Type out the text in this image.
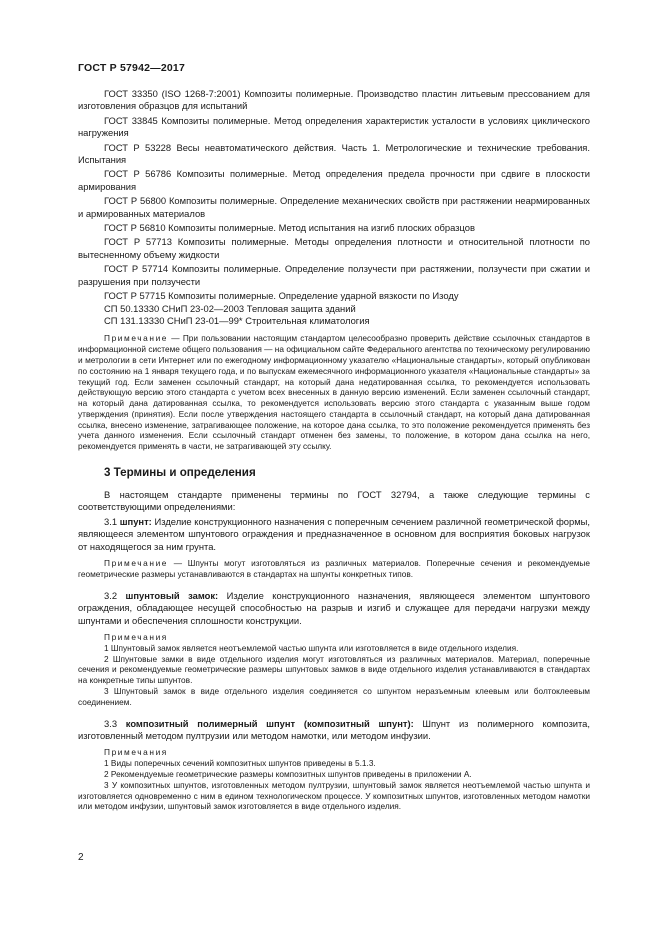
ГОСТ Р 57942—2017

ГОСТ 33350 (ISO 1268-7:2001) Композиты полимерные. Производство пластин литьевым прессованием для изготовления образцов для испытаний

ГОСТ 33845 Композиты полимерные. Метод определения характеристик усталости в условиях циклического нагружения

ГОСТ Р 53228 Весы неавтоматического действия. Часть 1. Метрологические и технические требования. Испытания

ГОСТ Р 56786 Композиты полимерные. Метод определения предела прочности при сдвиге в плоскости армирования

ГОСТ Р 56800 Композиты полимерные. Определение механических свойств при растяжении неармированных и армированных материалов

ГОСТ Р 56810 Композиты полимерные. Метод испытания на изгиб плоских образцов

ГОСТ Р 57713 Композиты полимерные. Методы определения плотности и относительной плотности по вытесненному объему жидкости

ГОСТ Р 57714 Композиты полимерные. Определение ползучести при растяжении, ползучести при сжатии и разрушения при ползучести

ГОСТ Р 57715 Композиты полимерные. Определение ударной вязкости по Изоду

СП 50.13330 СНиП 23-02—2003 Тепловая защита зданий

СП 131.13330 СНиП 23-01—99* Строительная климатология

Примечание — При пользовании настоящим стандартом целесообразно проверить действие ссылочных стандартов в информационной системе общего пользования — на официальном сайте Федерального агентства по техническому регулированию и метрологии в сети Интернет или по ежегодному информационному указателю «Национальные стандарты», который опубликован по состоянию на 1 января текущего года, и по выпускам ежемесячного информационного указателя «Национальные стандарты» за текущий год. Если заменен ссылочный стандарт, на который дана недатированная ссылка, то рекомендуется использовать действующую версию этого стандарта с учетом всех внесенных в данную версию изменений. Если заменен ссылочный стандарт, на который дана датированная ссылка, то рекомендуется использовать версию этого стандарта с указанным выше годом утверждения (принятия). Если после утверждения настоящего стандарта в ссылочный стандарт, на который дана датированная ссылка, внесено изменение, затрагивающее положение, на которое дана ссылка, то это положение рекомендуется применять без учета данного изменения. Если ссылочный стандарт отменен без замены, то положение, в котором дана ссылка на него, рекомендуется применять в части, не затрагивающей эту ссылку.

3 Термины и определения

В настоящем стандарте применены термины по ГОСТ 32794, а также следующие термины с соответствующими определениями:

3.1 шпунт: Изделие конструкционного назначения с поперечным сечением различной геометрической формы, являющееся элементом шпунтового ограждения и предназначенное в основном для восприятия боковых нагрузок от находящегося за ним грунта.

Примечание — Шпунты могут изготовляться из различных материалов. Поперечные сечения и рекомендуемые геометрические размеры устанавливаются в стандартах на шпунты конкретных типов.

3.2 шпунтовый замок: Изделие конструкционного назначения, являющееся элементом шпунтового ограждения, обладающее несущей способностью на разрыв и изгиб и служащее для передачи нагрузки между шпунтами и обеспечения сплошности конструкции.

Примечания

1 Шпунтовый замок является неотъемлемой частью шпунта или изготовляется в виде отдельного изделия.

2 Шпунтовые замки в виде отдельного изделия могут изготовляться из различных материалов. Материал, поперечные сечения и рекомендуемые геометрические размеры шпунтовых замков в виде отдельного изделия устанавливаются в стандартах на конкретные типы шпунтов.

3 Шпунтовый замок в виде отдельного изделия соединяется со шпунтом неразъемным клеевым или болтоклеевым соединением.

3.3 композитный полимерный шпунт (композитный шпунт): Шпунт из полимерного композита, изготовленный методом пултрузии или методом намотки, или методом инфузии.

Примечания

1 Виды поперечных сечений композитных шпунтов приведены в 5.1.3.

2 Рекомендуемые геометрические размеры композитных шпунтов приведены в приложении А.

3 У композитных шпунтов, изготовленных методом пултрузии, шпунтовый замок является неотъемлемой частью шпунта и изготовляется одновременно с ним в едином технологическом процессе. У композитных шпунтов, изготовленных методом намотки или методом инфузии, шпунтовый замок изготовляется в виде отдельного изделия.

2
